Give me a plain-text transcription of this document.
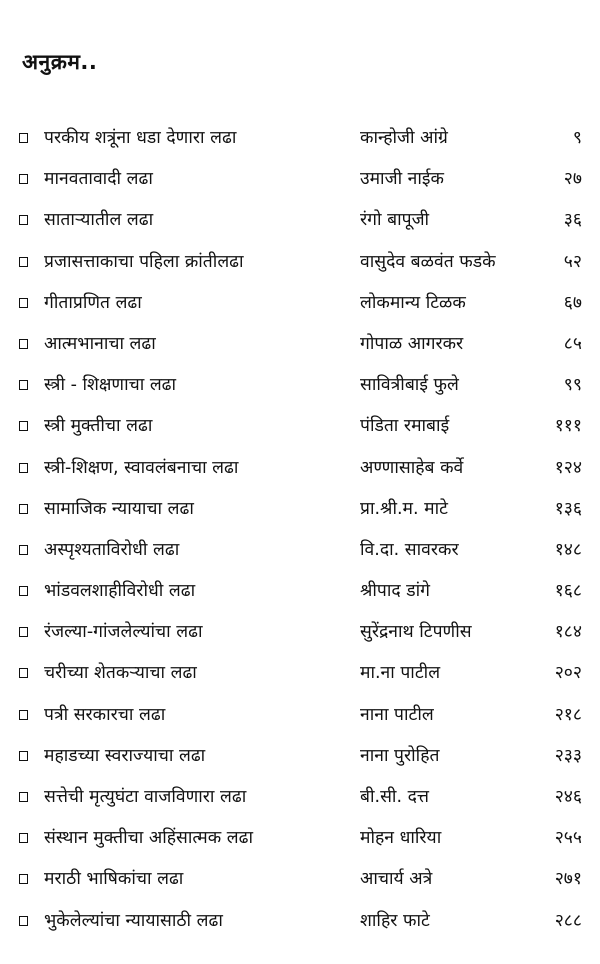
अनुक्रम..
परकीय शत्रूंना धडा देणारा लढा	कान्होजी आंग्रे	९
मानवतावादी लढा	उमाजी नाईक	२७
साताऱ्यातील लढा	रंगो बापूजी	३६
प्रजासत्ताकाचा पहिला क्रांतीलढा	वासुदेव बळवंत फडके	५२
गीताप्रणित लढा	लोकमान्य टिळक	६७
आत्मभानाचा लढा	गोपाळ आगरकर	८५
स्त्री - शिक्षणाचा लढा	सावित्रीबाई फुले	९९
स्त्री मुक्तीचा लढा	पंडिता रमाबाई	१११
स्त्री-शिक्षण, स्वावलंबनाचा लढा	अण्णासाहेब कर्वे	१२४
सामाजिक न्यायाचा लढा	प्रा.श्री.म. माटे	१३६
अस्पृश्यताविरोधी लढा	वि.दा. सावरकर	१४८
भांडवलशाहीविरोधी लढा	श्रीपाद डांगे	१६८
रंजल्या-गांजलेल्यांचा लढा	सुरेंद्रनाथ टिपणीस	१८४
चरीच्या शेतकऱ्याचा लढा	मा.ना पाटील	२०२
पत्री सरकारचा लढा	नाना पाटील	२१८
महाडच्या स्वराज्याचा लढा	नाना पुरोहित	२३३
सत्तेची मृत्युघंटा वाजविणारा लढा	बी.सी. दत्त	२४६
संस्थान मुक्तीचा अहिंसात्मक लढा	मोहन धारिया	२५५
मराठी भाषिकांचा लढा	आचार्य अत्रे	२७१
भुकेलेल्यांचा न्यायासाठी लढा	शाहिर फाटे	२८८
